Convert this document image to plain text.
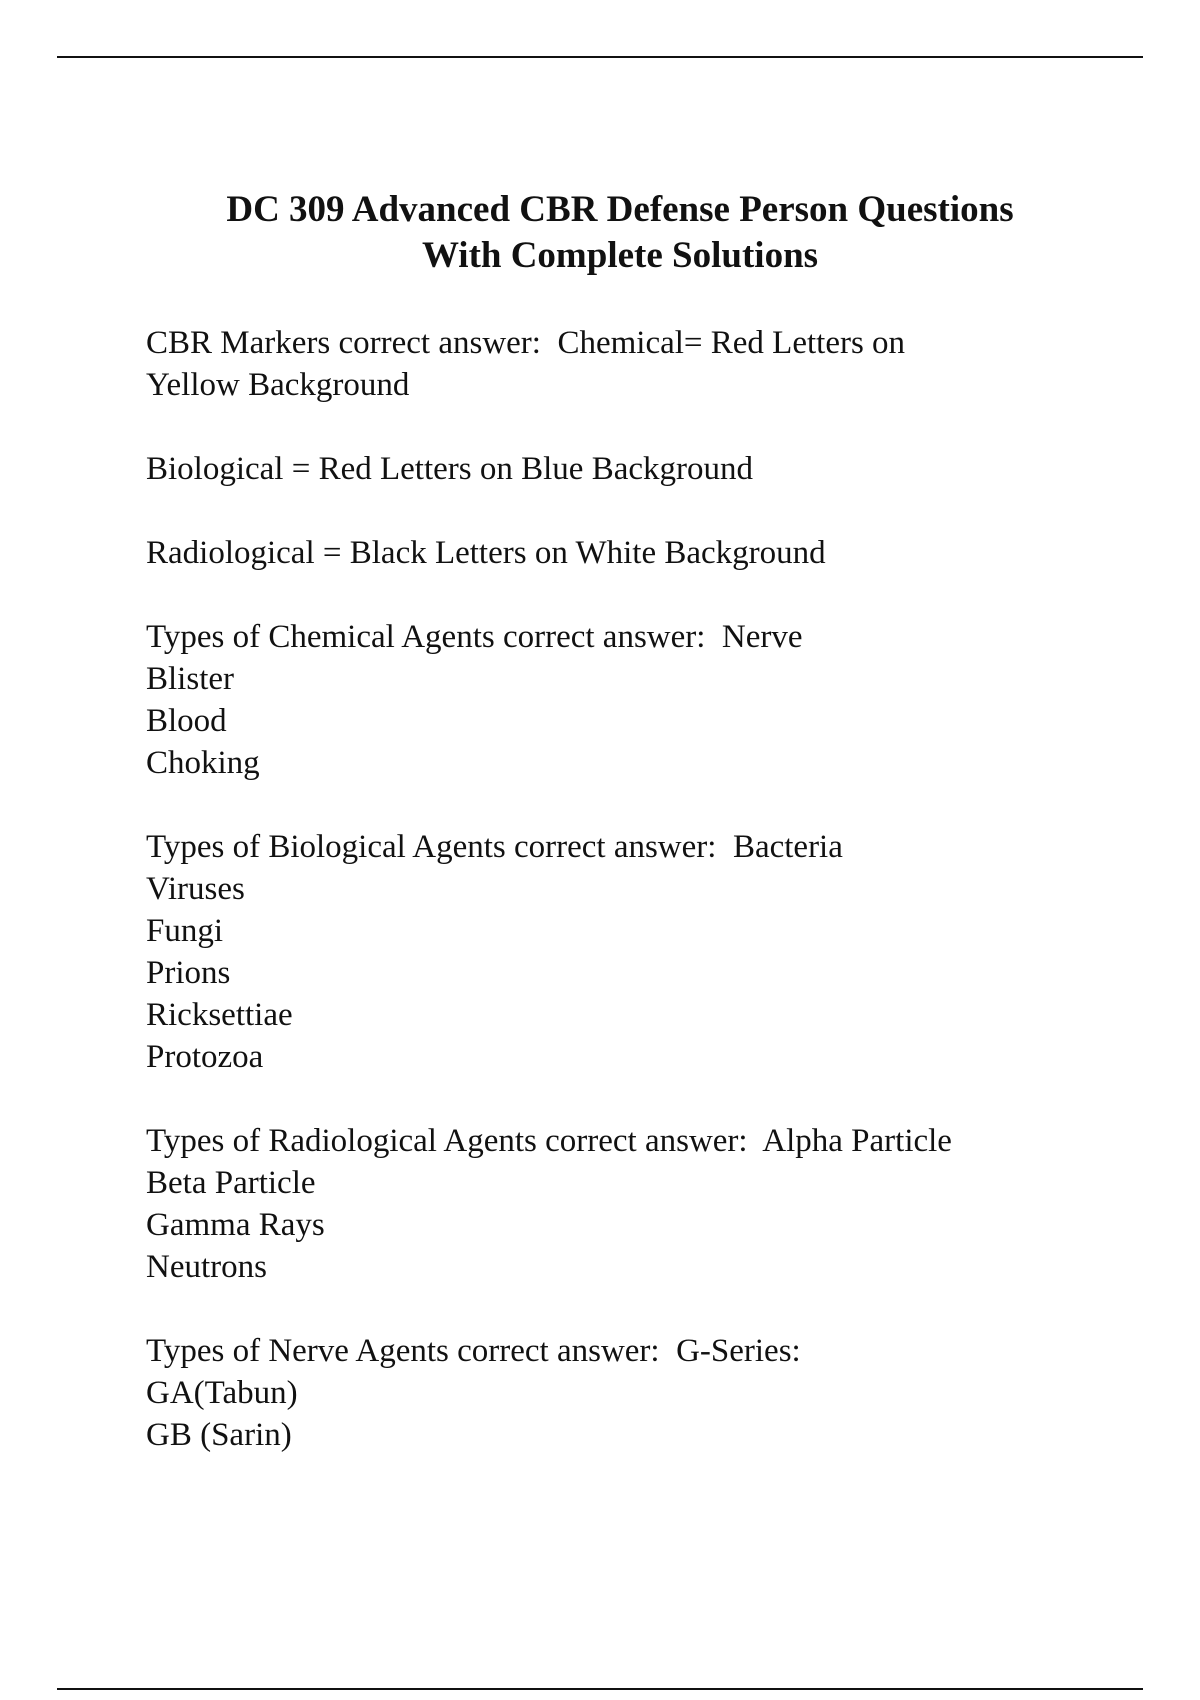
DC 309 Advanced CBR Defense Person Questions
With Complete Solutions

CBR Markers correct answer:  Chemical= Red Letters on
Yellow Background

Biological = Red Letters on Blue Background

Radiological = Black Letters on White Background

Types of Chemical Agents correct answer:  Nerve
Blister
Blood
Choking

Types of Biological Agents correct answer:  Bacteria
Viruses
Fungi
Prions
Ricksettiae
Protozoa

Types of Radiological Agents correct answer:  Alpha Particle
Beta Particle
Gamma Rays
Neutrons

Types of Nerve Agents correct answer:  G-Series:
GA(Tabun)
GB (Sarin)
